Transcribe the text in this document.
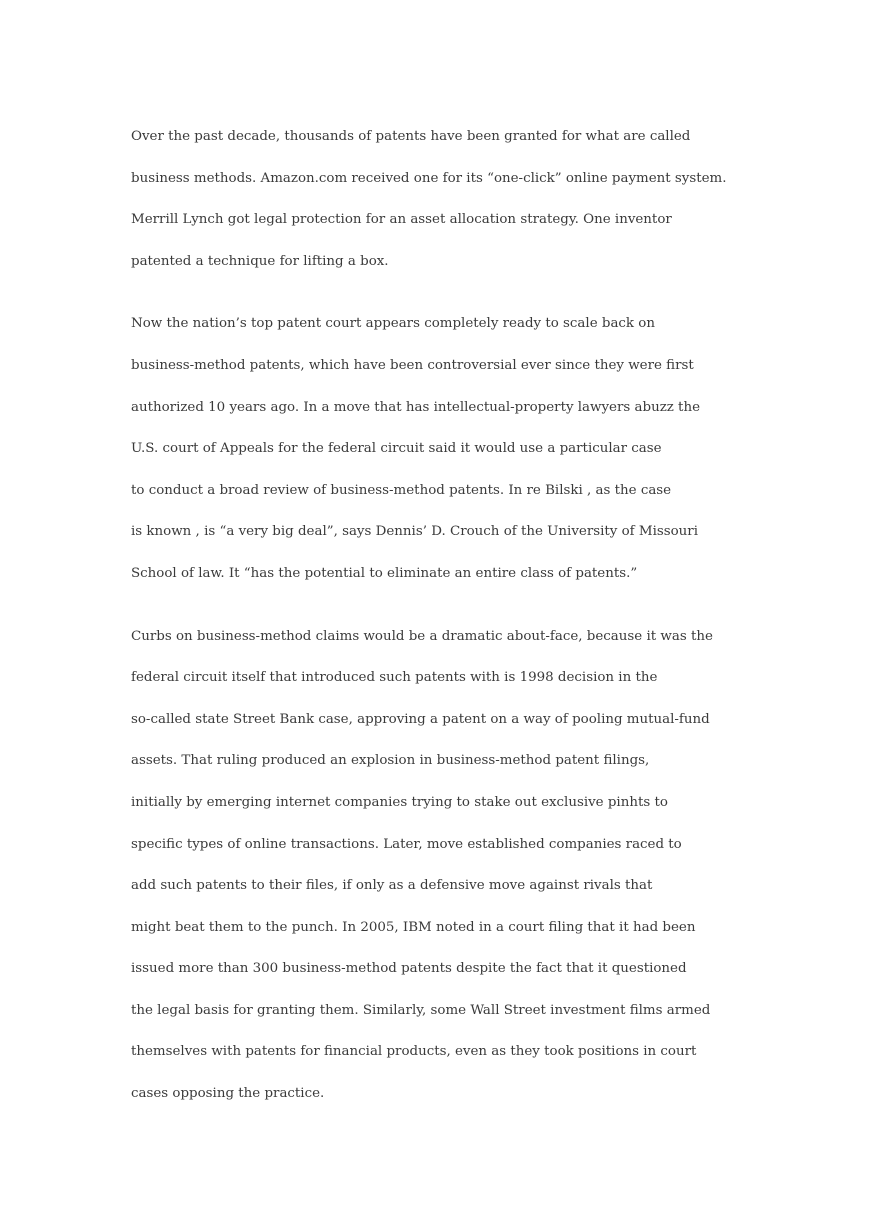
Over the past decade, thousands of patents have been granted for what are called
business methods. Amazon.com received one for its “one-click” online payment system.
Merrill Lynch got legal protection for an asset allocation strategy. One inventor
patented a technique for lifting a box.
Now the nation’s top patent court appears completely ready to scale back on
business-method patents, which have been controversial ever since they were first
authorized 10 years ago. In a move that has intellectual-property lawyers abuzz the
U.S. court of Appeals for the federal circuit said it would use a particular case
to conduct a broad review of business-method patents. In re Bilski , as the case
is known , is “a very big deal”, says Dennis’ D. Crouch of the University of Missouri
School of law. It “has the potential to eliminate an entire class of patents.”
Curbs on business-method claims would be a dramatic about-face, because it was the
federal circuit itself that introduced such patents with is 1998 decision in the
so-called state Street Bank case, approving a patent on a way of pooling mutual-fund
assets. That ruling produced an explosion in business-method patent filings,
initially by emerging internet companies trying to stake out exclusive pinhts to
specific types of online transactions. Later, move established companies raced to
add such patents to their files, if only as a defensive move against rivals that
might beat them to the punch. In 2005, IBM noted in a court filing that it had been
issued more than 300 business-method patents despite the fact that it questioned
the legal basis for granting them. Similarly, some Wall Street investment films armed
themselves with patents for financial products, even as they took positions in court
cases opposing the practice.
